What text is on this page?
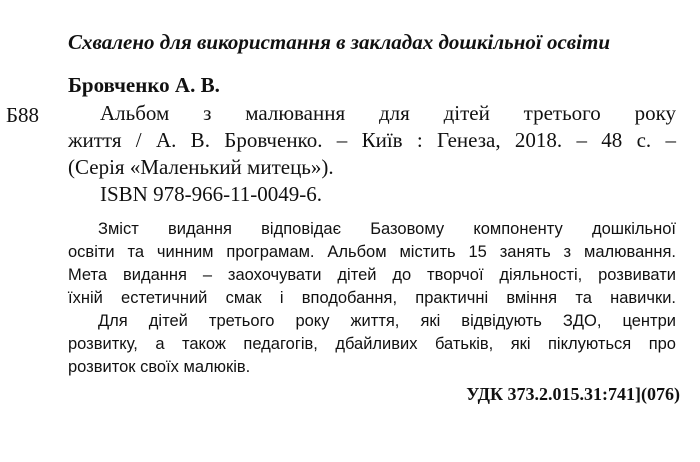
Схвалено для використання в закладах дошкільної освіти
Бровченко А. В.
Б88	Альбом з малювання для дітей третього року
життя / А. В. Бровченко. – Київ : Генеза, 2018. – 48 с. –
(Серія «Маленький митець»).
ISBN 978-966-11-0049-6.
Зміст видання відповідає Базовому компоненту дошкільної
освіти та чинним програмам. Альбом містить 15 занять з малювання.
Мета видання – заохочувати дітей до творчої діяльності, розвивати
їхній естетичний смак і вподобання, практичні вміння та навички.
Для дітей третього року життя, які відвідують ЗДО, центри
розвитку, а також педагогів, дбайливих батьків, які піклуються про
розвиток своїх малюків.
УДК 373.2.015.31:741](076)
